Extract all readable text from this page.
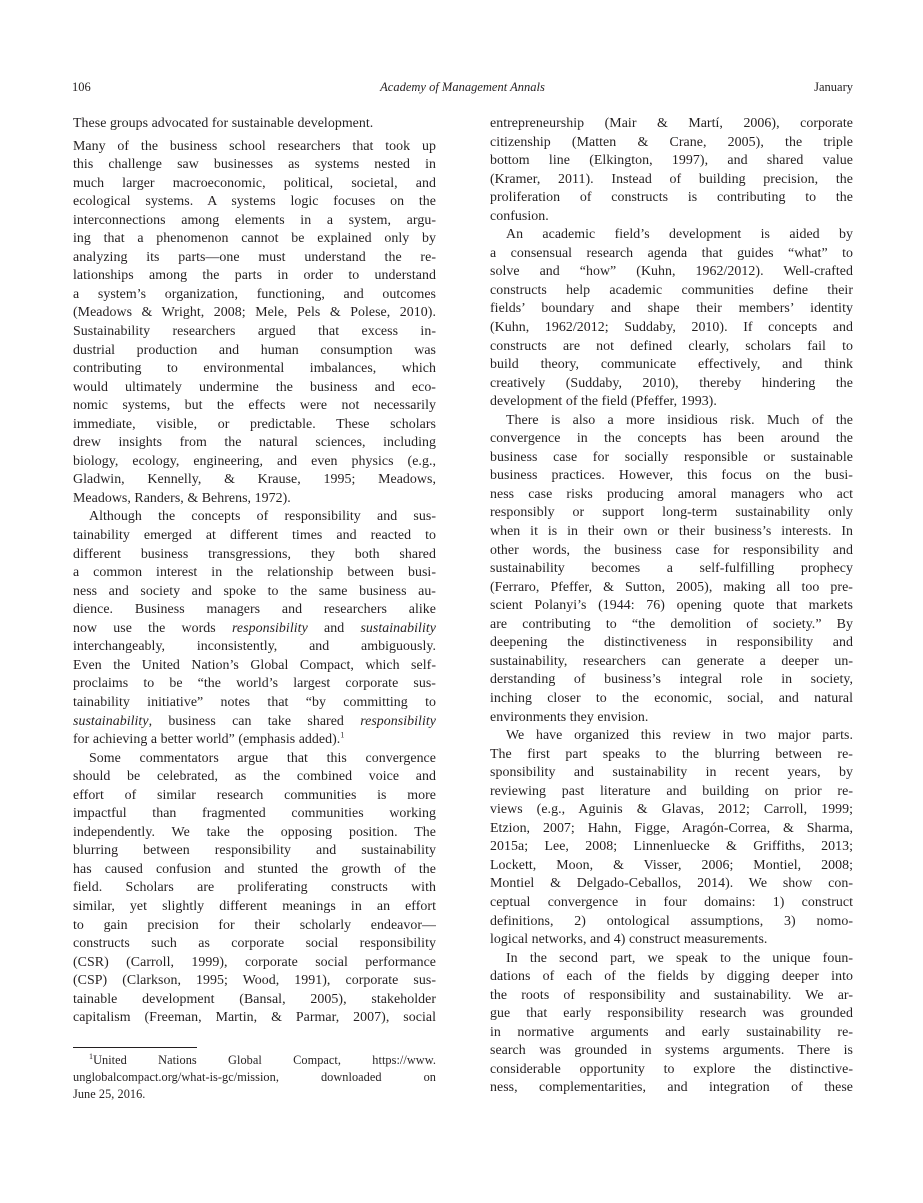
106	Academy of Management Annals	January
These groups advocated for sustainable development.
Many of the business school researchers that took up
this challenge saw businesses as systems nested in
much larger macroeconomic, political, societal, and
ecological systems. A systems logic focuses on the
interconnections among elements in a system, argu-
ing that a phenomenon cannot be explained only by
analyzing its parts—one must understand the re-
lationships among the parts in order to understand
a system’s organization, functioning, and outcomes
(Meadows & Wright, 2008; Mele, Pels & Polese, 2010).
Sustainability researchers argued that excess in-
dustrial production and human consumption was
contributing to environmental imbalances, which
would ultimately undermine the business and eco-
nomic systems, but the effects were not necessarily
immediate, visible, or predictable. These scholars
drew insights from the natural sciences, including
biology, ecology, engineering, and even physics (e.g.,
Gladwin, Kennelly, & Krause, 1995; Meadows,
Meadows, Randers, & Behrens, 1972).
Although the concepts of responsibility and sus-
tainability emerged at different times and reacted to
different business transgressions, they both shared
a common interest in the relationship between busi-
ness and society and spoke to the same business au-
dience. Business managers and researchers alike
now use the words responsibility and sustainability
interchangeably, inconsistently, and ambiguously.
Even the United Nation’s Global Compact, which self-
proclaims to be “the world’s largest corporate sus-
tainability initiative” notes that “by committing to
sustainability, business can take shared responsibility
for achieving a better world” (emphasis added).$^1$
Some commentators argue that this convergence
should be celebrated, as the combined voice and
effort of similar research communities is more
impactful than fragmented communities working
independently. We take the opposing position. The
blurring between responsibility and sustainability
has caused confusion and stunted the growth of the
field. Scholars are proliferating constructs with
similar, yet slightly different meanings in an effort
to gain precision for their scholarly endeavor—
constructs such as corporate social responsibility
(CSR) (Carroll, 1999), corporate social performance
(CSP) (Clarkson, 1995; Wood, 1991), corporate sus-
tainable development (Bansal, 2005), stakeholder
capitalism (Freeman, Martin, & Parmar, 2007), social
entrepreneurship (Mair & Martí, 2006), corporate
citizenship (Matten & Crane, 2005), the triple
bottom line (Elkington, 1997), and shared value
(Kramer, 2011). Instead of building precision, the
proliferation of constructs is contributing to the
confusion.
An academic field’s development is aided by
a consensual research agenda that guides “what” to
solve and “how” (Kuhn, 1962/2012). Well-crafted
constructs help academic communities define their
fields’ boundary and shape their members’ identity
(Kuhn, 1962/2012; Suddaby, 2010). If concepts and
constructs are not defined clearly, scholars fail to
build theory, communicate effectively, and think
creatively (Suddaby, 2010), thereby hindering the
development of the field (Pfeffer, 1993).
There is also a more insidious risk. Much of the
convergence in the concepts has been around the
business case for socially responsible or sustainable
business practices. However, this focus on the busi-
ness case risks producing amoral managers who act
responsibly or support long-term sustainability only
when it is in their own or their business’s interests. In
other words, the business case for responsibility and
sustainability becomes a self-fulfilling prophecy
(Ferraro, Pfeffer, & Sutton, 2005), making all too pre-
scient Polanyi’s (1944: 76) opening quote that markets
are contributing to “the demolition of society.” By
deepening the distinctiveness in responsibility and
sustainability, researchers can generate a deeper un-
derstanding of business’s integral role in society,
inching closer to the economic, social, and natural
environments they envision.
We have organized this review in two major parts.
The first part speaks to the blurring between re-
sponsibility and sustainability in recent years, by
reviewing past literature and building on prior re-
views (e.g., Aguinis & Glavas, 2012; Carroll, 1999;
Etzion, 2007; Hahn, Figge, Aragón-Correa, & Sharma,
2015a; Lee, 2008; Linnenluecke & Griffiths, 2013;
Lockett, Moon, & Visser, 2006; Montiel, 2008;
Montiel & Delgado-Ceballos, 2014). We show con-
ceptual convergence in four domains: 1) construct
definitions, 2) ontological assumptions, 3) nomo-
logical networks, and 4) construct measurements.
In the second part, we speak to the unique foun-
dations of each of the fields by digging deeper into
the roots of responsibility and sustainability. We ar-
gue that early responsibility research was grounded
in normative arguments and early sustainability re-
search was grounded in systems arguments. There is
considerable opportunity to explore the distinctive-
ness, complementarities, and integration of these
$^1$United Nations Global Compact, https://www.
unglobalcompact.org/what-is-gc/mission, downloaded on
June 25, 2016.
